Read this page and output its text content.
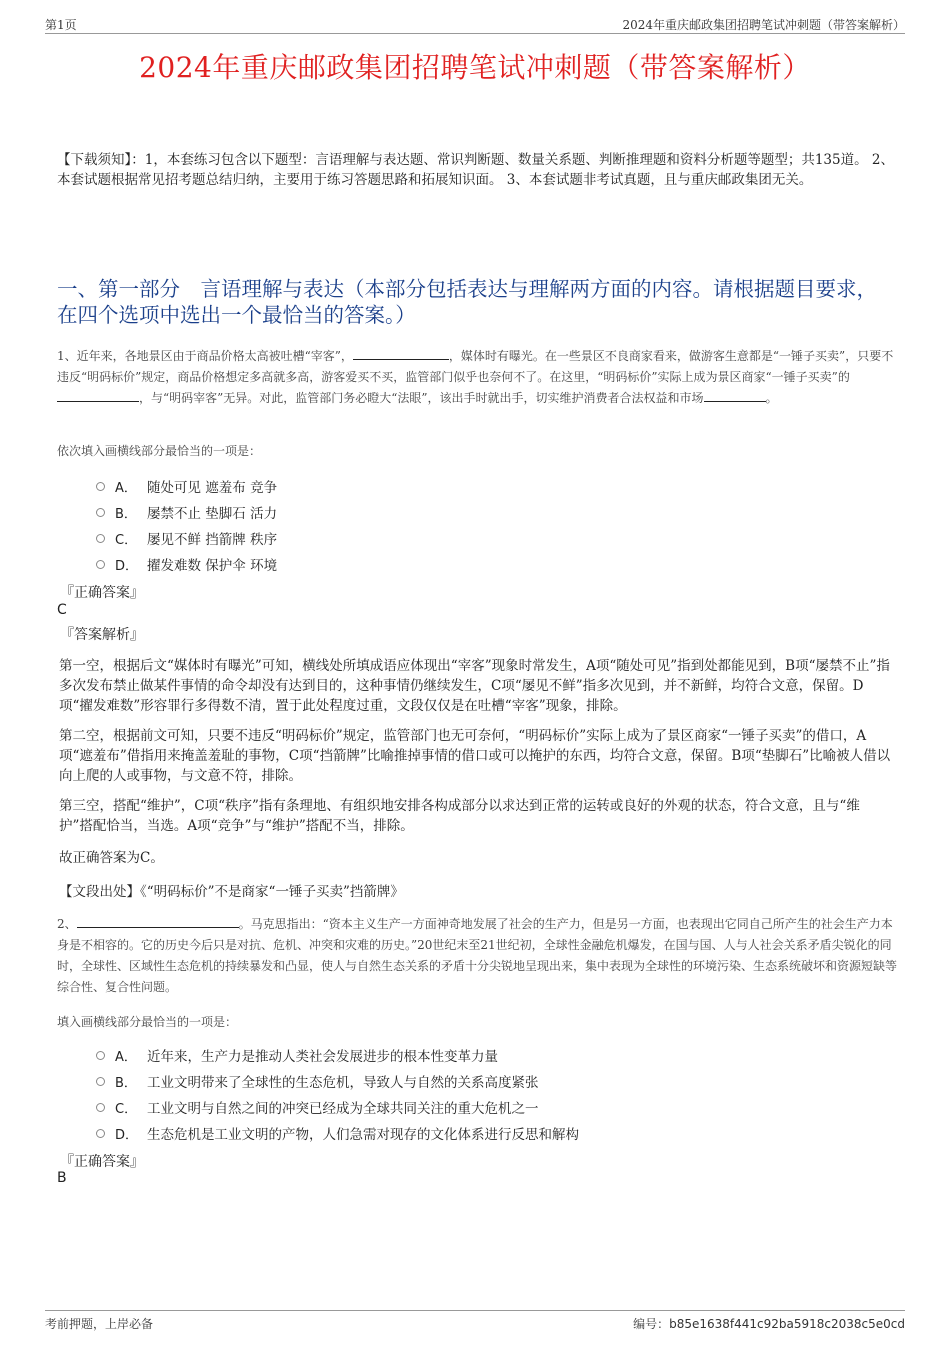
第1页	2024年重庆邮政集团招聘笔试冲刺题（带答案解析）
2024年重庆邮政集团招聘笔试冲刺题（带答案解析）
【下载须知】：1，本套练习包含以下题型：言语理解与表达题、常识判断题、数量关系题、判断推理题和资料分析题等题型；共135道。 2、本套试题根据常见招考题总结归纳，主要用于练习答题思路和拓展知识面。 3、本套试题非考试真题，且与重庆邮政集团无关。
一、第一部分　言语理解与表达（本部分包括表达与理解两方面的内容。请根据题目要求，在四个选项中选出一个最恰当的答案。）
1、近年来，各地景区由于商品价格太高被吐槽“宰客”，	，媒体时有曝光。在一些景区不良商家看来，做游客生意都是“一锤子买卖”，只要不违反“明码标价”规定，商品价格想定多高就多高，游客爱买不买，监管部门似乎也奈何不了。在这里，“明码标价”实际上成为景区商家“一锤子买卖”的，与“明码宰客”无异。对此，监管部门务必瞪大“法眼”，该出手时就出手，切实维护消费者合法权益和市场	。
依次填入画横线部分最恰当的一项是：
A． 随处可见 遮羞布 竞争
B． 屡禁不止 垫脚石 活力
C． 屡见不鲜 挡箭牌 秩序
D． 擢发难数 保护伞 环境
『正确答案』
C
『答案解析』
第一空，根据后文“媒体时有曝光”可知，横线处所填成语应体现出“宰客”现象时常发生，A项“随处可见”指到处都能见到，B项“屡禁不止”指多次发布禁止做某件事情的命令却没有达到目的，这种事情仍继续发生，C项“屡见不鲜”指多次见到，并不新鲜，均符合文意，保留。D项“擢发难数”形容罪行多得数不清，置于此处程度过重，文段仅仅是在吐槽“宰客”现象，排除。
第二空，根据前文可知，只要不违反“明码标价”规定，监管部门也无可奈何，“明码标价”实际上成为了景区商家“一锤子买卖”的借口，A项“遮羞布”借指用来掩盖羞耻的事物，C项“挡箭牌”比喻推掉事情的借口或可以掩护的东西，均符合文意，保留。B项“垫脚石”比喻被人借以向上爬的人或事物，与文意不符，排除。
第三空，搭配“维护”，C项“秩序”指有条理地、有组织地安排各构成部分以求达到正常的运转或良好的外观的状态，符合文意，且与“维护”搭配恰当，当选。A项“竞争”与“维护”搭配不当，排除。
故正确答案为C。
【文段出处】《“明码标价”不是商家“一锤子买卖”挡箭牌》
2、	。马克思指出：“资本主义生产一方面神奇地发展了社会的生产力，但是另一方面，也表现出它同自己所产生的社会生产力本身是不相容的。它的历史今后只是对抗、危机、冲突和灾难的历史。”20世纪末至21世纪初，全球性金融危机爆发，在国与国、人与人社会关系矛盾尖锐化的同时，全球性、区域性生态危机的持续暴发和凸显，使人与自然生态关系的矛盾十分尖锐地呈现出来，集中表现为全球性的环境污染、生态系统破坏和资源短缺等综合性、复合性问题。
填入画横线部分最恰当的一项是：
A． 近年来，生产力是推动人类社会发展进步的根本性变革力量
B． 工业文明带来了全球性的生态危机，导致人与自然的关系高度紧张
C． 工业文明与自然之间的冲突已经成为全球共同关注的重大危机之一
D． 生态危机是工业文明的产物，人们急需对现存的文化体系进行反思和解构
『正确答案』
B
考前押题，上岸必备	编号：b85e1638f441c92ba5918c2038c5e0cd
